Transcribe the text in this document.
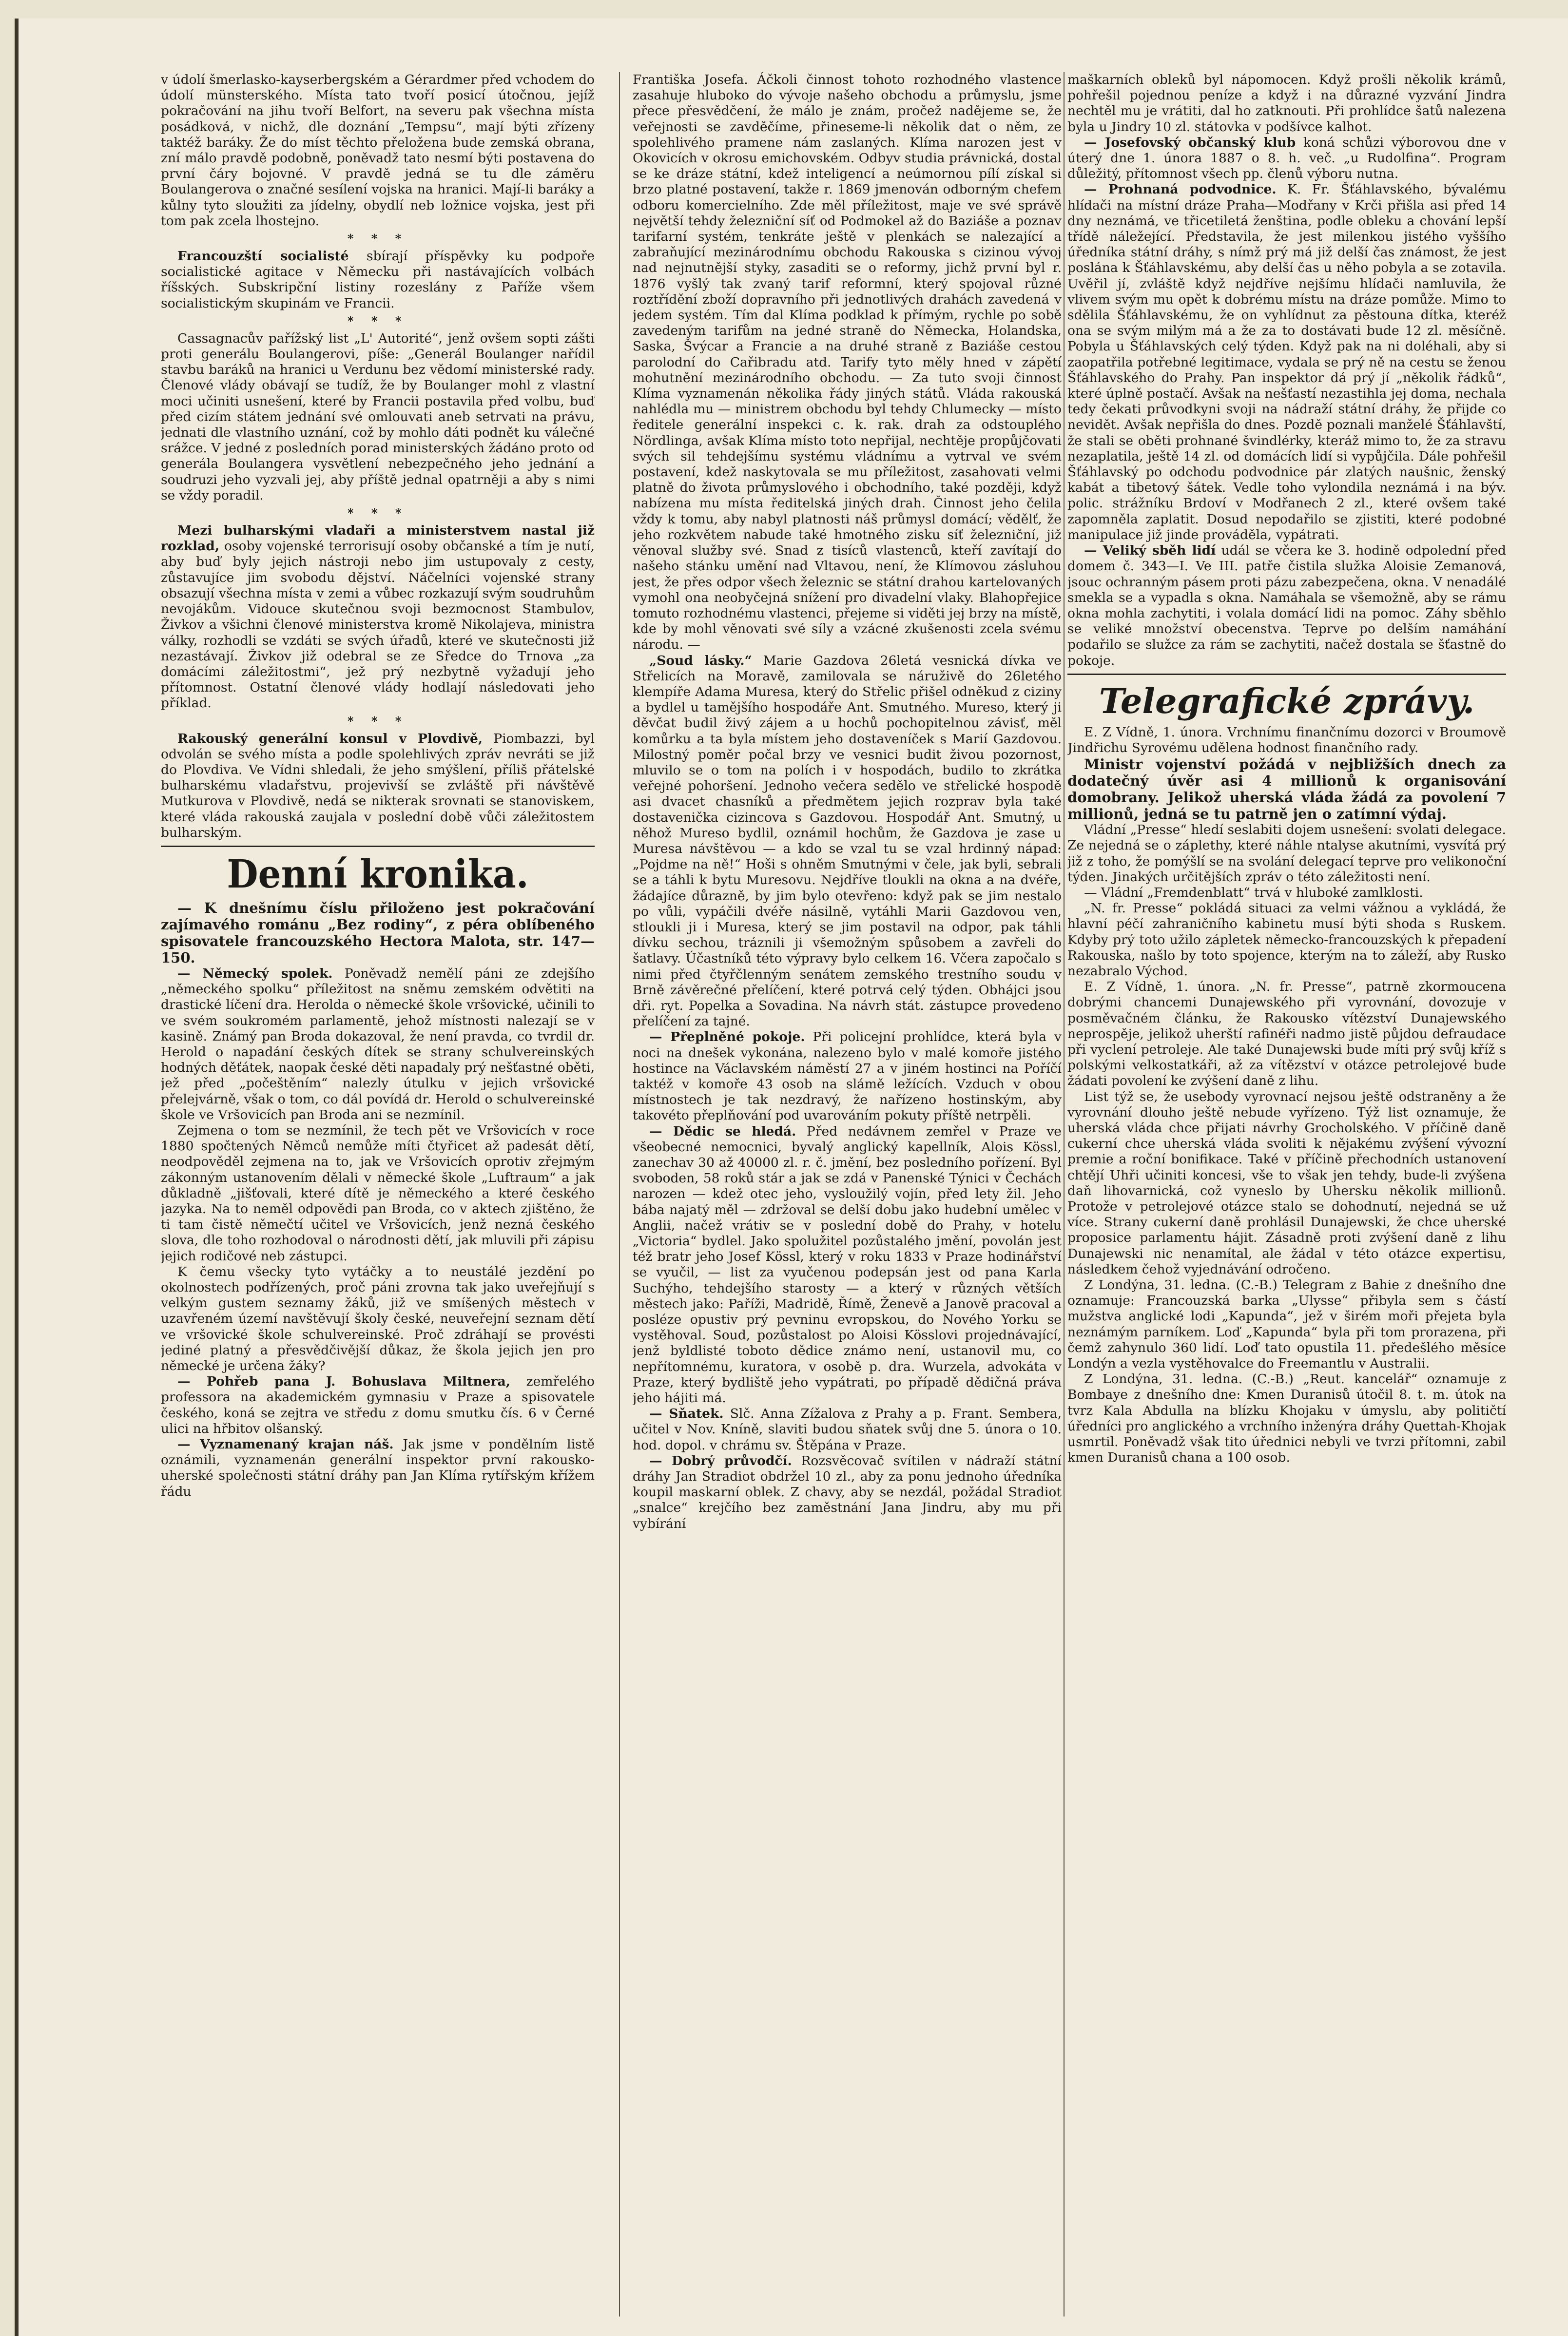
v údolí šmerlasko-kayserbergském a Gérardmer před vchodem do údolí münsterského. Místa tato tvoří posicí útočnou, jejíž pokračování na jihu tvoří Belfort, na severu pak všechna místa posádková, v nichž, dle doznání „Tempsu“, mají býti zřízeny taktéž baráky. Že do míst těchto přeložena bude zemská obrana, zní málo pravdě podobně, poněvadž tato nesmí býti postavena do první čáry bojovné. V pravdě jedná se tu dle záměru Boulangerova o značné sesílení vojska na hranici. Mají-li baráky a kůlny tyto sloužiti za jídelny, obydlí neb ložnice vojska, jest při tom pak zcela lhostejno.

* * *

Francouzští socialisté sbírají příspěvky ku podpoře socialistické agitace v Německu při nastávajících volbách říšských. Subskripční listiny rozeslány z Paříže všem socialistickým skupinám ve Francii.

* * *

Cassagnacův pařížský list „L' Autorité“, jenž ovšem sopti zášti proti generálu Boulangerovi, píše: „Generál Boulanger nařídil stavbu baráků na hranici u Verdunu bez vědomí ministerské rady. Členové vlády obávají se tudíž, že by Boulanger mohl z vlastní moci učiniti usnešení, které by Francii postavila před volbu, buď před cizím státem jednání své omlouvati aneb setrvati na právu, jednati dle vlastního uznání, což by mohlo dáti podnět ku válečné srážce. V jedné z posledních porad ministerských žádáno proto od generála Boulangera vysvětlení nebezpečného jeho jednání a soudruzi jeho vyzvali jej, aby příště jednal opatrněji a aby s nimi se vždy poradil.

* * *

Mezi bulharskými vladaři a ministerstvem nastal již rozklad, osoby vojenské terrorisují osoby občanské a tím je nutí, aby buď byly jejich nástroji nebo jim ustupovaly z cesty, zůstavujíce jim svobodu dějství. Náčelníci vojenské strany obsazují všechna místa v zemi a vůbec rozkazují svým soudruhům nevojákům. Vidouce skutečnou svoji bezmocnost Stambulov, Živkov a všichni členové ministerstva kromě Nikolajeva, ministra války, rozhodli se vzdáti se svých úřadů, které ve skutečnosti již nezastávají. Živkov již odebral se ze Sředce do Trnova „za domácími záležitostmi“, jež prý nezbytně vyžadují jeho přítomnost. Ostatní členové vlády hodlají následovati jeho příklad.

* * *

Rakouský generální konsul v Plovdivě, Piombazzi, byl odvolán se svého místa a podle spolehlivých zpráv nevráti se již do Plovdiva. Ve Vídni shledali, že jeho smýšlení, příliš přátelské bulharskému vladařstvu, projevivší se zvláště při návštěvě Mutkurova v Plovdivě, nedá se nikterak srovnati se stanoviskem, které vláda rakouská zaujala v poslední době vůči záležitostem bulharským.

Denní kronika.

— K dnešnímu číslu přiloženo jest pokračování zajímavého románu „Bez rodiny“, z péra oblíbeného spisovatele francouzského Hectora Malota, str. 147—150.

— Německý spolek. Poněvadž nemělí páni ze zdejšího „německého spolku“ příležitost na sněmu zemském odvětiti na drastické líčení dra. Herolda o německé škole vršovické, učinili to ve svém soukromém parlamentě, jehož místnosti nalezají se v kasině. Známý pan Broda dokazoval, že není pravda, co tvrdil dr. Herold o napadání českých dítek se strany schulvereinských hodných děťátek, naopak české děti napadaly prý nešťastné oběti, jež před „počeštěním“ nalezly útulku v jejich vršovické přelejvárně, však o tom, co dál povídá dr. Herold o schulvereinské škole ve Vršovicích pan Broda ani se nezmínil.

Zejmena o tom se nezmínil, že tech pět ve Vršovicích v roce 1880 spočtených Němců nemůže míti čtyřicet až padesát dětí, neodpověděl zejmena na to, jak ve Vršovicích oprotiv zřejmým zákonným ustanovením dělali v německé škole „Luftraum“ a jak důkladně „jišťovali, které dítě je německého a které českého jazyka. Na to neměl odpovědi pan Broda, co v aktech zjištěno, že ti tam čistě němečtí učitel ve Vršovicích, jenž nezná českého slova, dle toho rozhodoval o národnosti dětí, jak mluvili při zápisu jejich rodičové neb zástupci.

K čemu všecky tyto vytáčky a to neustálé jezdění po okolnostech podřízených, proč páni zrovna tak jako uveřejňují s velkým gustem seznamy žáků, již ve smíšených městech v uzavřeném území navštěvují školy české, neuveřejní seznam dětí ve vršovické škole schulvereinské. Proč zdráhají se provésti jediné platný a přesvědčivější důkaz, že škola jejich jen pro německé je určena žáky?

— Pohřeb pana J. Bohuslava Miltnera, zemřelého professora na akademickém gymnasiu v Praze a spisovatele českého, koná se zejtra ve středu z domu smutku čís. 6 v Černé ulici na hřbitov olšanský.

— Vyznamenaný krajan náš. Jak jsme v pondělním listě oznámili, vyznamenán generální inspektor první rakousko-uherské společnosti státní dráhy pan Jan Klíma rytířským křížem řádu

Františka Josefa. Áčkoli činnost tohoto rozhodného vlastence zasahuje hluboko do vývoje našeho obchodu a průmyslu, jsme přece přesvědčení, že málo je znám, pročež nadějeme se, že veřejnosti se zavděčíme, přineseme-li několik dat o něm, ze spolehlivého pramene nám zaslaných. Klíma narozen jest v Okovicích v okrosu emichovském. Odbyv studia právnická, dostal se ke dráze státní, kdež inteligencí a neúmornou pílí získal si brzo platné postavení, takže r. 1869 jmenován odborným chefem odboru komercielního. Zde měl příležitost, maje ve své správě největší tehdy železniční síť od Podmokel až do Baziáše a poznav tarifarní systém, tenkráte ještě v plenkách se nalezající a zabraňující mezinárodnímu obchodu Rakouska s cizinou vývoj nad nejnutnější styky, zasaditi se o reformy, jichž první byl r. 1876 vyšlý tak zvaný tarif reformní, který spojoval různé roztřídění zboží dopravního při jednotlivých drahách zavedená v jedem systém. Tím dal Klíma podklad k přímým, rychle po sobě zavedeným tarifům na jedné straně do Německa, Holandska, Saska, Švýcar a Francie a na druhé straně z Baziáše cestou parolodní do Cařibradu atd. Tarify tyto měly hned v zápětí mohutnění mezinárodního obchodu. — Za tuto svoji činnost Klíma vyznamenán několika řády jiných států. Vláda rakouská nahlédla mu — ministrem obchodu byl tehdy Chlumecky — místo ředitele generální inspekci c. k. rak. drah za odstouplého Nördlinga, avšak Klíma místo toto nepřijal, nechtěje propůjčovati svých sil tehdejšímu systému vládnímu a vytrval ve svém postavení, kdež naskytovala se mu příležitost, zasahovati velmi platně do života průmyslového i obchodního, také později, když nabízena mu místa ředitelská jiných drah. Činnost jeho čelila vždy k tomu, aby nabyl platnosti náš průmysl domácí; vědělť, že jeho rozkvětem nabude také hmotného zisku síť železniční, již věnoval služby své. Snad z tisíců vlastenců, kteří zavítají do našeho stánku umění nad Vltavou, není, že Klímovou zásluhou jest, že přes odpor všech železnic se státní drahou kartelovaných vymohl ona neobyčejná snížení pro divadelní vlaky. Blahopřejice tomuto rozhodnému vlastenci, přejeme si viděti jej brzy na místě, kde by mohl věnovati své síly a vzácné zkušenosti zcela svému národu. —

„Soud lásky.“ Marie Gazdova 26letá vesnická dívka ve Střelicích na Moravě, zamilovala se náruživě do 26letého klempíře Adama Muresa, který do Střelic přišel odněkud z ciziny a bydlel u tamějšího hospodáře Ant. Smutného. Mureso, který ji děvčat budil živý zájem a u hochů pochopitelnou závisť, měl komůrku a ta byla místem jeho dostaveníček s Marií Gazdovou. Milostný poměr počal brzy ve vesnici budit živou pozornost, mluvilo se o tom na polích i v hospodách, budilo to zkrátka veřejné pohoršení. Jednoho večera sedělo ve střelické hospodě asi dvacet chasníků a předmětem jejich rozprav byla také dostavenička cizincova s Gazdovou. Hospodář Ant. Smutný, u něhož Mureso bydlil, oznámil hochům, že Gazdova je zase u Muresa návštěvou — a kdo se vzal tu se vzal hrdinný nápad: „Pojdme na ně!“ Hoši s ohněm Smutnými v čele, jak byli, sebrali se a táhli k bytu Muresovu. Nejdříve tloukli na okna a na dvéře, žádajíce důrazně, by jim bylo otevřeno: když pak se jim nestalo po vůli, vypáčili dvéře násilně, vytáhli Marii Gazdovou ven, stloukli ji i Muresa, který se jim postavil na odpor, pak táhli dívku sechou, tráznili ji všemožným spůsobem a zavřeli do šatlavy. Účastníků této výpravy bylo celkem 16. Včera započalo s nimi před čtyřčlenným senátem zemského trestního soudu v Brně závěrečné přelíčení, které potrvá celý týden. Obhájci jsou dři. ryt. Popelka a Sovadina. Na návrh stát. zástupce provedeno přelíčení za tajné.

— Přeplněné pokoje. Při policejní prohlídce, která byla v noci na dnešek vykonána, nalezeno bylo v malé komoře jistého hostince na Václavském náměstí 27 a v jiném hostinci na Poříčí taktéž v komoře 43 osob na slámě ležících. Vzduch v obou místnostech je tak nezdravý, že nařízeno hostinským, aby takovéto přeplňování pod uvarováním pokuty příště netrpěli.

— Dědic se hledá. Před nedávnem zemřel v Praze ve všeobecné nemocnici, byvalý anglický kapellník, Alois Kössl, zanechav 30 až 40000 zl. r. č. jmění, bez posledního pořízení. Byl svoboden, 58 roků stár a jak se zdá v Panenské Týnici v Čechách narozen — kdež otec jeho, vysloužilý vojín, před lety žil. Jeho bába najatý měl — zdržoval se delší dobu jako hudební umělec v Anglii, načež vrátiv se v poslední době do Prahy, v hotelu „Victoria“ bydlel. Jako spolužitel pozůstalého jmění, povolán jest též bratr jeho Josef Kössl, který v roku 1833 v Praze hodinářství se vyučil, — list za vyučenou podepsán jest od pana Karla Suchýho, tehdejšího starosty — a který v různých větších městech jako: Paříži, Madridě, Římě, Ženevě a Janově pracoval a posléze opustiv prý pevninu evropskou, do Nového Yorku se vystěhoval. Soud, pozůstalost po Aloisi Kösslovi projednávající, jenž byldlisté toboto dědice známo není, ustanovil mu, co nepřítomnému, kuratora, v osobě p. dra. Wurzela, advokáta v Praze, který bydliště jeho vypátrati, po případě dědičná práva jeho hájiti má.

— Sňatek. Slč. Anna Zížalova z Prahy a p. Frant. Sembera, učitel v Nov. Kníně, slaviti budou sňatek svůj dne 5. února o 10. hod. dopol. v chrámu sv. Štěpána v Praze.

— Dobrý průvodčí. Rozsvěcovač svítilen v nádraží státní dráhy Jan Stradiot obdržel 10 zl., aby za ponu jednoho úředníka koupil maskarní oblek. Z chavy, aby se nezdál, požádal Stradiot „snalce“ krejčího bez zaměstnání Jana Jindru, aby mu při vybírání

maškarních obleků byl nápomocen. Když prošli několik krámů, pohřešil pojednou peníze a když i na důrazné vyzvání Jindra nechtěl mu je vrátiti, dal ho zatknouti. Při prohlídce šatů nalezena byla u Jindry 10 zl. státovka v podšívce kalhot.

— Josefovský občanský klub koná schůzi výborovou dne v úterý dne 1. února 1887 o 8. h. več. „u Rudolfina“. Program důležitý, přítomnost všech pp. členů výboru nutna.

— Prohnaná podvodnice. K. Fr. Šťáhlavského, bývalému hlídači na místní dráze Praha—Modřany v Krči přišla asi před 14 dny neznámá, ve třicetiletá ženština, podle obleku a chování lepší třídě náležející. Představila, že jest milenkou jistého vyššího úředníka státní dráhy, s nímž prý má již delší čas známost, že jest poslána k Šťáhlavskému, aby delší čas u něho pobyla a se zotavila. Uvěřil jí, zvláště když nejdříve nejšímu hlídači namluvila, že vlivem svým mu opět k dobrému místu na dráze pomůže. Mimo to sdělila Šťáhlavskému, že on vyhlídnut za pěstouna dítka, kteréž ona se svým milým má a že za to dostávati bude 12 zl. měsíčně. Pobyla u Šťáhlavských celý týden. Když pak na ni doléhali, aby si zaopatřila potřebné legitimace, vydala se prý ně na cestu se ženou Šťáhlavského do Prahy. Pan inspektor dá prý jí „několik řádků“, které úplně postačí. Avšak na nešťastí nezastihla jej doma, nechala tedy čekati průvodkyni svoji na nádraží státní dráhy, že přijde co nevidět. Avšak nepřišla do dnes. Pozdě poznali manželé Šťáhlavští, že stali se oběti prohnané švindlérky, kteráž mimo to, že za stravu nezaplatila, ještě 14 zl. od domácích lidí si vypůjčila. Dále pohřešil Šťáhlavský po odchodu podvodnice pár zlatých naušnic, ženský kabát a tibetový šátek. Vedle toho vylondila neznámá i na býv. polic. strážníku Brdoví v Modřanech 2 zl., které ovšem také zapomněla zaplatit. Dosud nepodařilo se zjistiti, které podobné manipulace již jinde prováděla, vypátrati.

— Veliký sběh lidí udál se včera ke 3. hodině odpolední před domem č. 343—I. Ve III. patře čistila služka Aloisie Zemanová, jsouc ochranným pásem proti pázu zabezpečena, okna. V nenadálé smekla se a vypadla s okna. Namáhala se všemožně, aby se rámu okna mohla zachytiti, i volala domácí lidi na pomoc. Záhy sběhlo se veliké množství obecenstva. Teprve po delším namáhání podařilo se služce za rám se zachytiti, načež dostala se šťastně do pokoje.

Telegrafické zprávy.

E. Z Vídně, 1. února. Vrchnímu finančnímu dozorci v Broumově Jindřichu Syrovému udělena hodnost finančního rady.

Ministr vojenství požádá v nejbližších dnech za dodatečný úvěr asi 4 millionů k organisování domobrany. Jelikož uherská vláda žádá za povolení 7 millionů, jedná se tu patrně jen o zatímní výdaj.

Vládní „Presse“ hledí seslabiti dojem usnešení: svolati delegace. Ze nejedná se o záplethy, které náhle ntalyse akutními, vysvítá prý již z toho, že pomýšlí se na svolání delegací teprve pro velikonoční týden. Jinakých určitějších zpráv o této záležitosti není.

— Vládní „Fremdenblatt“ trvá v hluboké zamlklosti.

„N. fr. Presse“ pokládá situaci za velmi vážnou a vykládá, že hlavní péčí zahraničního kabinetu musí býti shoda s Ruskem. Kdyby prý toto užilo zápletek německo-francouzských k přepadení Rakouska, našlo by toto spojence, kterým na to záleží, aby Rusko nezabralo Východ.

E. Z Vídně, 1. února. „N. fr. Presse“, patrně zkormoucena dobrými chancemi Dunajewského při vyrovnání, dovozuje v posměvačném článku, že Rakousko vítězství Dunajewského neprospěje, jelikož uherští rafinéři nadmo jistě půjdou defraudace při vyclení petroleje. Ale také Dunajewski bude míti prý svůj kříž s polskými velkostatkáři, až za vítězství v otázce petrolejové bude žádati povolení ke zvýšení daně z lihu.

List týž se, že usebody vyrovnací nejsou ještě odstraněny a že vyrovnání dlouho ještě nebude vyřízeno. Týž list oznamuje, že uherská vláda chce přijati návrhy Grocholského. V příčině daně cukerní chce uherská vláda svoliti k nějakému zvýšení vývozní premie a roční bonifikace. Také v příčině přechodních ustanovení chtějí Uhři učiniti koncesi, vše to však jen tehdy, bude-li zvýšena daň lihovarnická, což vyneslo by Uhersku několik millionů. Protože v petrolejové otázce stalo se dohodnutí, nejedná se už více. Strany cukerní daně prohlásil Dunajewski, že chce uherské proposice parlamentu hájit. Zásadně proti zvýšení daně z lihu Dunajewski nic nenamítal, ale žádal v této otázce expertisu, následkem čehož vyjednávání odročeno.

Z Londýna, 31. ledna. (C.-B.) Telegram z Bahie z dnešního dne oznamuje: Francouzská barka „Ulysse“ přibyla sem s částí mužstva anglické lodi „Kapunda“, jež v širém moři přejeta byla neznámým parníkem. Loď „Kapunda“ byla při tom prorazena, při čemž zahynulo 360 lidí. Loď tato opustila 11. předešlého měsíce Londýn a vezla vystěhovalce do Freemantlu v Australii.

Z Londýna, 31. ledna. (C.-B.) „Reut. kancelář“ oznamuje z Bombaye z dnešního dne: Kmen Duranisů útočil 8. t. m. útok na tvrz Kala Abdulla na blízku Khojaku v úmyslu, aby političtí úředníci pro anglického a vrchního inženýra dráhy Quettah-Khojak usmrtil. Poněvadž však tito úřednici nebyli ve tvrzi přítomni, zabil kmen Duranisů chana a 100 osob.
